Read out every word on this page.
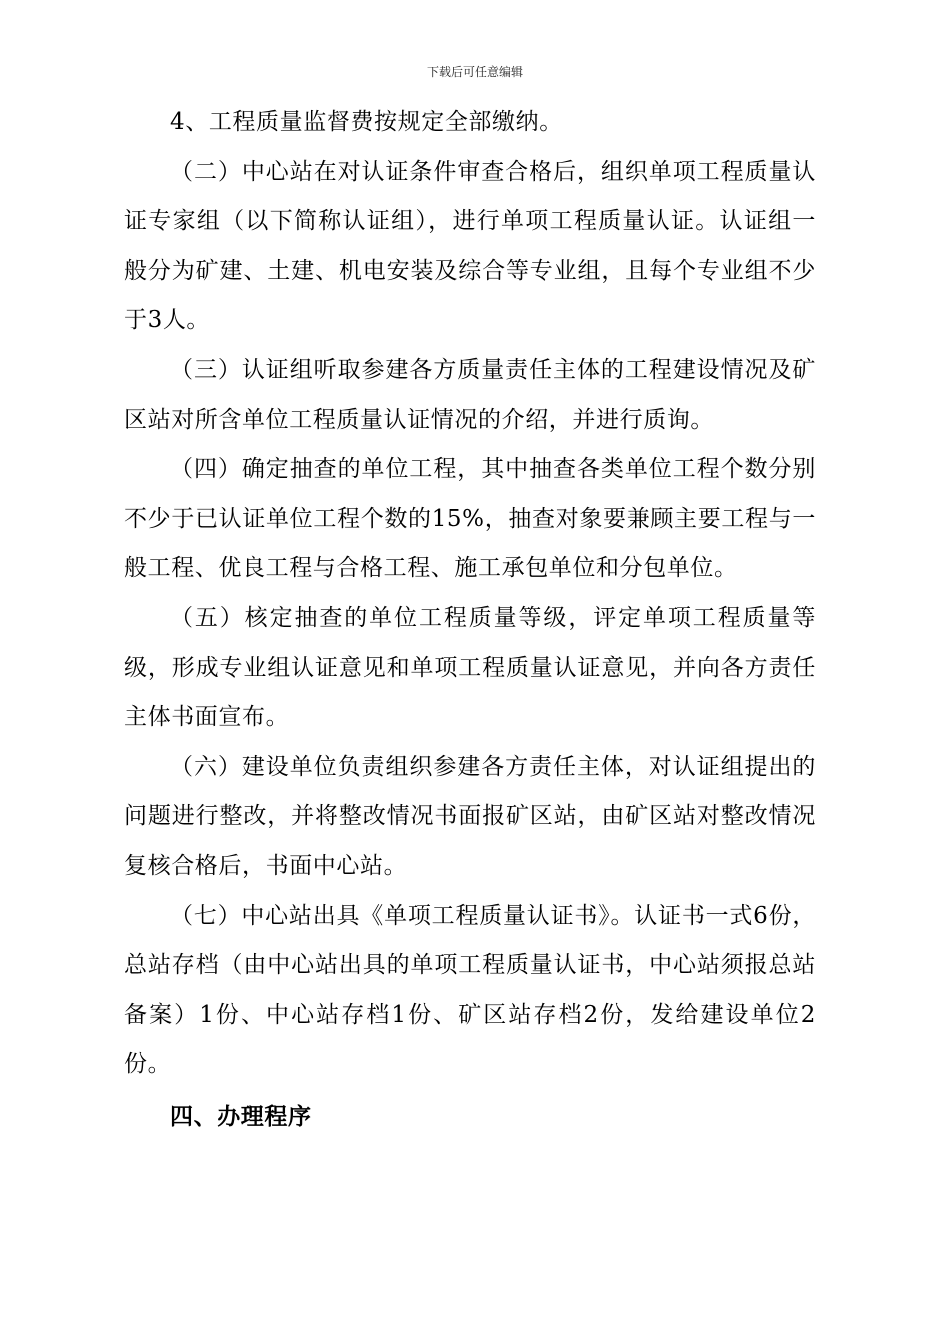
下载后可任意编辑

4、工程质量监督费按规定全部缴纳。

（二）中心站在对认证条件审查合格后，组织单项工程质量认证专家组（以下简称认证组），进行单项工程质量认证。认证组一般分为矿建、土建、机电安装及综合等专业组，且每个专业组不少于3人。

（三）认证组听取参建各方质量责任主体的工程建设情况及矿区站对所含单位工程质量认证情况的介绍，并进行质询。

（四）确定抽查的单位工程，其中抽查各类单位工程个数分别不少于已认证单位工程个数的15%，抽查对象要兼顾主要工程与一般工程、优良工程与合格工程、施工承包单位和分包单位。

（五）核定抽查的单位工程质量等级，评定单项工程质量等级，形成专业组认证意见和单项工程质量认证意见，并向各方责任主体书面宣布。

（六）建设单位负责组织参建各方责任主体，对认证组提出的问题进行整改，并将整改情况书面报矿区站，由矿区站对整改情况复核合格后，书面中心站。

（七）中心站出具《单项工程质量认证书》。认证书一式6份，总站存档（由中心站出具的单项工程质量认证书，中心站须报总站备案）1份、中心站存档1份、矿区站存档2份，发给建设单位2份。

四、办理程序
